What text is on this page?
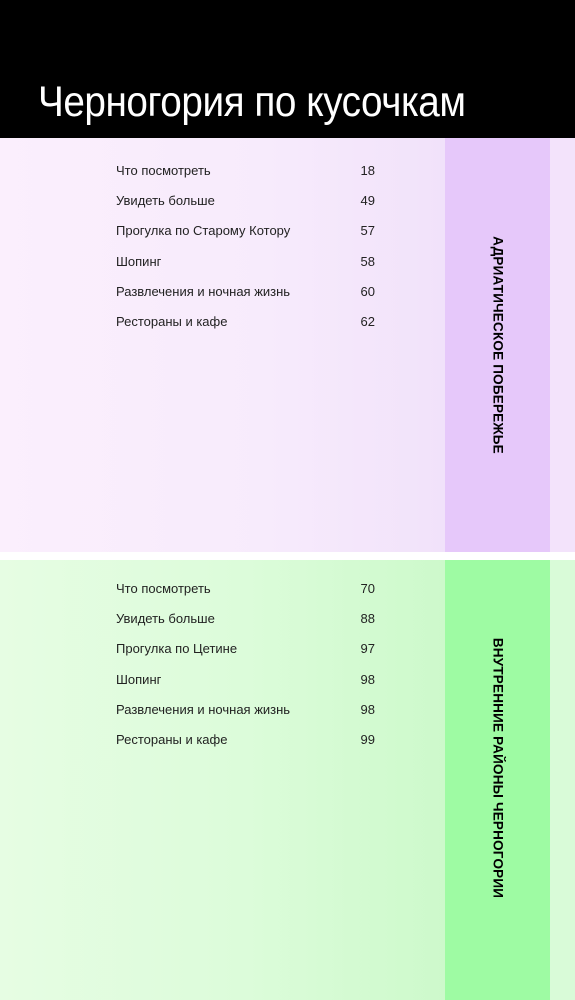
Черногория по кусочкам
АДРИАТИЧЕСКОЕ ПОБЕРЕЖЬЕ
Что посмотреть	18
Увидеть больше	49
Прогулка по Старому Котору	57
Шопинг	58
Развлечения и ночная жизнь	60
Рестораны и кафе	62
ВНУТРЕННИЕ РАЙОНЫ ЧЕРНОГОРИИ
Что посмотреть	70
Увидеть больше	88
Прогулка по Цетине	97
Шопинг	98
Развлечения и ночная жизнь	98
Рестораны и кафе	99
